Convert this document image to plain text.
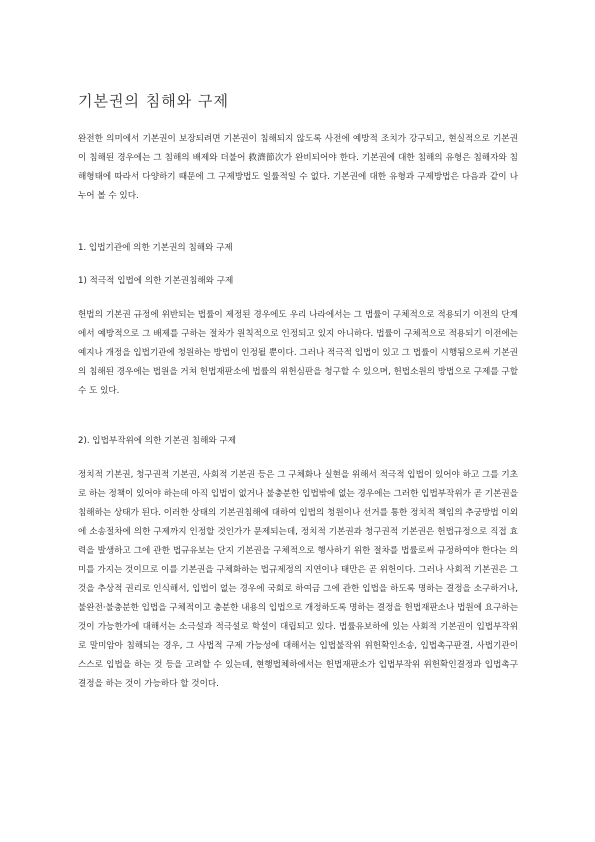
기본권의 침해와 구제

완전한 의미에서 기본권이 보장되려면 기본권이 침해되지 않도록 사전에 예방적 조치가 강구되고, 현실적으로 기본권이 침해된 경우에는 그 침해의 배제와 더불어 救濟節次가 완비되어야 한다. 기본권에 대한 침해의 유형은 침해자와 침해형태에 따라서 다양하기 때문에 그 구제방법도 일률적일 수 없다. 기본권에 대한 유형과 구제방법은 다음과 같이 나누어 볼 수 있다.

1. 입법기관에 의한 기본권의 침해와 구제

1) 적극적 입법에 의한 기본권침해와 구제

헌법의 기본권 규정에 위반되는 법률이 제정된 경우에도 우리 나라에서는 그 법률이 구체적으로 적용되기 이전의 단계에서 예방적으로 그 배제를 구하는 절차가 원칙적으로 인정되고 있지 아니하다. 법률이 구체적으로 적용되기 이전에는 예지나 개정을 입법기관에 청원하는 방법이 인정될 뿐이다. 그러나 적극적 입법이 있고 그 법률이 시행됨으로써 기본권의 침해된 경우에는 법원을 거쳐 헌법재판소에 법률의 위헌심판을 청구할 수 있으며, 헌법소원의 방법으로 구제를 구할 수 도 있다.

2). 입법부작위에 의한 기본권 침해와 구제

정치적 기본권, 청구권적 기본권, 사회적 기본권 등은 그 구체화나 실현을 위해서 적극적 입법이 있어야 하고 그를 기초로 하는 정책이 있어야 하는데 아직 입법이 없거나 불충분한 입법밖에 없는 경우에는 그러한 입법부작위가 곧 기본권을 침해하는 상태가 된다. 이러한 상태의 기본권침해에 대하여 입법의 청원이나 선거를 통한 정치적 책임의 추궁방법 이외에 소송절차에 의한 구제까지 인정할 것인가가 문제되는데, 정치적 기본권과 청구권적 기본권은 헌법규정으로 직접 효력을 발생하고 그에 관한 법규유보는 단지 기본권을 구체적으로 행사하기 위한 절차를 법률로써 규정하여야 한다는 의미를 가지는 것이므로 이를 기본권을 구체화하는 법규제정의 지연이나 태만은 곧 위헌이다. 그러나 사회적 기본권은 그것을 추상적 권리로 인식해서, 입법이 없는 경우에 국회로 하여금 그에 관한 입법을 하도록 명하는 결정을 소구하거나, 불완전·불충분한 입법을 구체적이고 충분한 내용의 입법으로 개정하도록 명하는 결정을 헌법재판소나 법원에 요구하는 것이 가능한가에 대해서는 소극설과 적극설로 학설이 대립되고 있다. 법률유보하에 있는 사회적 기본권이 입법부작위로 말미암아 침해되는 경우, 그 사법적 구제 가능성에 대해서는 입법불작위 위헌확인소송, 입법촉구판결, 사법기관이 스스로 입법을 하는 것 등을 고려할 수 있는데, 현행법체하에서는 헌법재판소가 입법부작위 위헌확인결정과 입법촉구결정을 하는 것이 가능하다 할 것이다.
